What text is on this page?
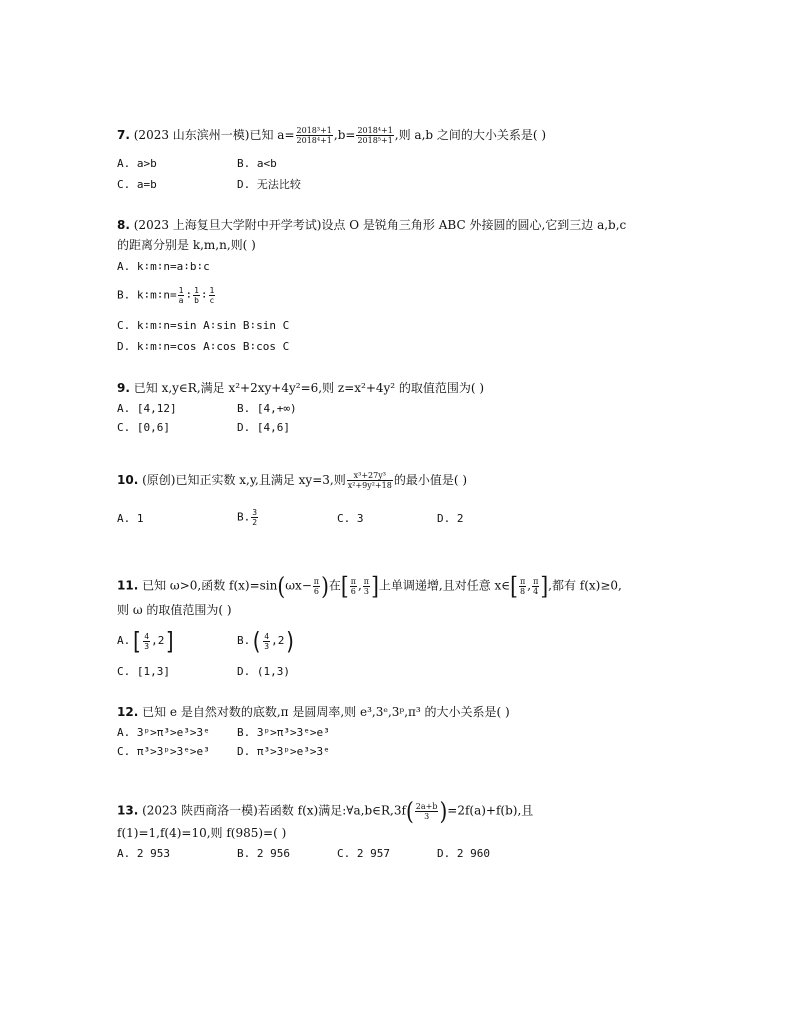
7. (2023 山东滨州一模)已知 $a= \frac{\text{2018³+1}}{\text{2018⁴+1}} ,b= \frac{\text{2018⁴+1}}{\text{2018⁵+1}}$ ,则 a,b 之间的大小关系是( )
A. a>b	B. a<b
C. a=b	D. 无法比较
8. (2023 上海复旦大学附中开学考试)设点 O 是锐角三角形 ABC 外接圆的圆心,它到三边 a,b,c
的距离分别是 k,m,n,则( )
A. k∶m∶n=a∶b∶c
B. k∶m∶n= $\frac{1}{a}$ ∶ $\frac{1}{b}$ ∶ $\frac{1}{c}$
C. k∶m∶n=sin A∶sin B∶sin C
D. k∶m∶n=cos A∶cos B∶cos C
9. 已知 x,y∈R,满足 x²+2xy+4y²=6,则 z=x²+4y² 的取值范围为( )
A. [4,12]	B. [4,+∞)
C. [0,6]	D. [4,6]
10. (原创)已知正实数 x,y,且满足 xy=3,则 $\frac{\text{x³+27y³}}{\text{x²+9y²+18}}$ 的最小值是( )
A. 1	B. $\frac{3}{2}$	C. 3	D. 2
11. 已知 ω>0,函数 $f(x)=\sin(\omega x- \frac{\pi}{6}$ )在[ $\frac{\pi}{6}$ , $\frac{\pi}{3}$ ]上单调递增,且对任意 x∈[ $\frac{\pi}{8}$ , $\frac{\pi}{4}$ ],都有 f(x)≥0,
则 ω 的取值范围为( )
$A.[ \frac{4}{3} ,2]$	$B.( \frac{4}{3} ,2)$
C. [1,3]	D. (1,3)
12. 已知 e 是自然对数的底数,π 是圆周率,则 e³,3ᵉ,3ᵖ,π³ 的大小关系是( )
A. 3ᵖ>π³>e³>3ᵉ B. 3ᵖ>π³>3ᵉ>e³
C. π³>3ᵖ>3ᵉ>e³ D. π³>3ᵖ>e³>3ᵉ
13. (2023 陕西商洛一模)若函数 f(x)满足:∀a,b∈R,3f( $\frac{2a+b}{3} )=2f(a)+f(b)$,且
f(1)=1,f(4)=10,则 f(985)=( )
A. 2 953	B. 2 956	C. 2 957	D. 2 960
